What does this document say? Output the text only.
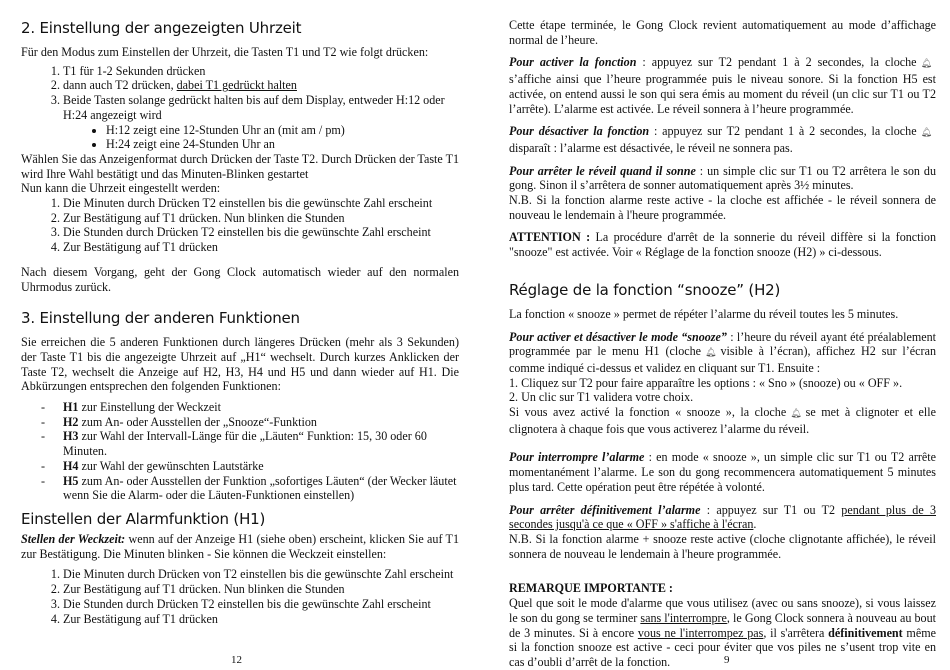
2. Einstellung der angezeigten Uhrzeit
Für den Modus zum Einstellen der Uhrzeit, die Tasten T1 und T2 wie folgt drücken:
1. T1 für 1-2 Sekunden drücken
2. dann auch T2 drücken, dabei T1 gedrückt halten
3. Beide Tasten solange gedrückt halten bis auf dem Display, entweder H:12 oder H:24 angezeigt wird
• H:12 zeigt eine 12-Stunden Uhr an (mit am / pm)
• H:24 zeigt eine 24-Stunden Uhr an
Wählen Sie das Anzeigenformat durch Drücken der Taste T2. Durch Drücken der Taste T1 wird Ihre Wahl bestätigt und das Minuten-Blinken gestartet
Nun kann die Uhrzeit eingestellt werden:
1. Die Minuten durch Drücken T2 einstellen bis die gewünschte Zahl erscheint
2. Zur Bestätigung auf T1 drücken. Nun blinken die Stunden
3. Die Stunden durch Drücken T2 einstellen bis die gewünschte Zahl erscheint
4. Zur Bestätigung auf T1 drücken
Nach diesem Vorgang, geht der Gong Clock automatisch wieder auf den normalen Uhrmodus zurück.
3. Einstellung der anderen Funktionen
Sie erreichen die 5 anderen Funktionen durch längeres Drücken (mehr als 3 Sekunden) der Taste T1 bis die angezeigte Uhrzeit auf „H1“ wechselt. Durch kurzes Anklicken der Taste T2, wechselt die Anzeige auf H2, H3, H4 und H5 und dann wieder auf H1. Die Abkürzungen entsprechen den folgenden Funktionen:
- H1 zur Einstellung der Weckzeit
- H2 zum An- oder Ausstellen der „Snooze“-Funktion
- H3 zur Wahl der Intervall-Länge für die „Läuten“ Funktion: 15, 30 oder 60 Minuten.
- H4 zur Wahl der gewünschten Lautstärke
- H5 zum An- oder Ausstellen der Funktion „sofortiges Läuten“ (der Wecker läutet wenn Sie die Alarm- oder die Läuten-Funktionen einstellen)
Einstellen der Alarmfunktion (H1)
Stellen der Weckzeit: wenn auf der Anzeige H1 (siehe oben) erscheint, klicken Sie auf T1 zur Bestätigung. Die Minuten blinken - Sie können die Weckzeit einstellen:
1. Die Minuten durch Drücken von T2 einstellen bis die gewünschte Zahl erscheint
2. Zur Bestätigung auf T1 drücken. Nun blinken die Stunden
3. Die Stunden durch Drücken T2 einstellen bis die gewünschte Zahl erscheint
4. Zur Bestätigung auf T1 drücken
12
Cette étape terminée, le Gong Clock revient automatiquement au mode d’affichage normal de l’heure.
Pour activer la fonction : appuyez sur T2 pendant 1 à 2 secondes, la cloche 🔔︎s’affiche ainsi que l’heure programmée puis le niveau sonore. Si la fonction H5 est activée, on entend aussi le son qui sera émis au moment du réveil (un clic sur T1 ou T2 l’arrête). L’alarme est activée. Le réveil sonnera à l’heure programmée.
Pour désactiver la fonction : appuyez sur T2 pendant 1 à 2 secondes, la cloche 🔔︎disparaît : l’alarme est désactivée, le réveil ne sonnera pas.
Pour arrêter le réveil quand il sonne : un simple clic sur T1 ou T2 arrêtera le son du gong. Sinon il s’arrêtera de sonner automatiquement après 3½ minutes.
N.B. Si la fonction alarme reste active - la cloche est affichée - le réveil sonnera de nouveau le lendemain à l'heure programmée.
ATTENTION : La procédure d'arrêt de la sonnerie du réveil diffère si la fonction "snooze" est activée. Voir « Réglage de la fonction snooze (H2) » ci-dessous.
Réglage de la fonction “snooze” (H2)
La fonction « snooze » permet de répéter l’alarme du réveil toutes les 5 minutes.
Pour activer et désactiver le mode “snooze” : l’heure du réveil ayant été préalablement programmée par le menu H1 (cloche 🔔︎ visible à l’écran), affichez H2 sur l’écran comme indiqué ci-dessus et validez en cliquant sur T1. Ensuite :
1. Cliquez sur T2 pour faire apparaître les options : « Sno » (snooze) ou « OFF ».
2. Un clic sur T1 validera votre choix.
Si vous avez activé la fonction « snooze », la cloche 🔔︎ se met à clignoter et elle clignotera à chaque fois que vous activerez l’alarme du réveil.
Pour interrompre l’alarme : en mode « snooze », un simple clic sur T1 ou T2 arrête momentanément l’alarme. Le son du gong recommencera automatiquement 5 minutes plus tard. Cette opération peut être répétée à volonté.
Pour arrêter définitivement l’alarme : appuyez sur T1 ou T2 pendant plus de 3 secondes jusqu'à ce que « OFF » s'affiche à l'écran.
N.B. Si la fonction alarme + snooze reste active (cloche clignotante affichée), le réveil sonnera de nouveau le lendemain à l'heure programmée.
REMARQUE IMPORTANTE :
Quel que soit le mode d'alarme que vous utilisez (avec ou sans snooze), si vous laissez le son du gong se terminer sans l'interrompre, le Gong Clock sonnera à nouveau au bout de 3 minutes. Si à encore vous ne l'interrompez pas, il s'arrêtera définitivement même si la fonction snooze est active - ceci pour éviter que vos piles ne s’usent trop vite en cas d’oubli d’arrêt de la fonction.	9
